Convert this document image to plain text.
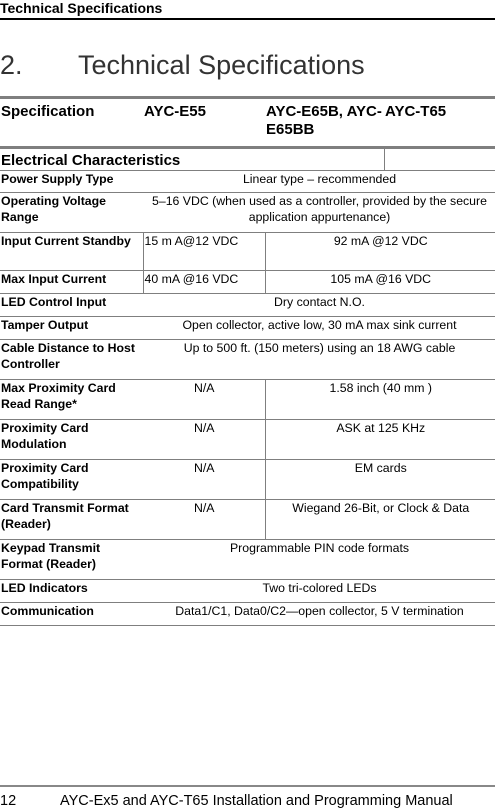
Technical Specifications
2. Technical Specifications
Specification	AYC-E55	AYC-E65B, AYC-E65BB	AYC-T65
Electrical Characteristics			
Power Supply Type	Linear type – recommended		
Operating Voltage Range	5–16 VDC (when used as a controller, provided by the secure application appurtenance)		
Input Current Standby	15 m A@12 VDC	92 mA @12 VDC	
Max Input Current	40 mA @16 VDC	105 mA @16 VDC	
LED Control Input	Dry contact N.O.		
Tamper Output	Open collector, active low, 30 mA max sink current		
Cable Distance to Host Controller	Up to 500 ft. (150 meters) using an 18 AWG cable		
Max Proximity Card Read Range*	N/A	1.58 inch (40 mm )	
Proximity Card Modulation	N/A	ASK at 125 KHz	
Proximity Card Compatibility	N/A	EM cards	
Card Transmit Format (Reader)	N/A	Wiegand 26-Bit, or Clock & Data	
Keypad Transmit Format (Reader)	Programmable PIN code formats		
LED Indicators	Two tri-colored LEDs		
Communication	Data1/C1, Data0/C2—open collector, 5 V termination		
12	AYC-Ex5 and AYC-T65 Installation and Programming Manual
